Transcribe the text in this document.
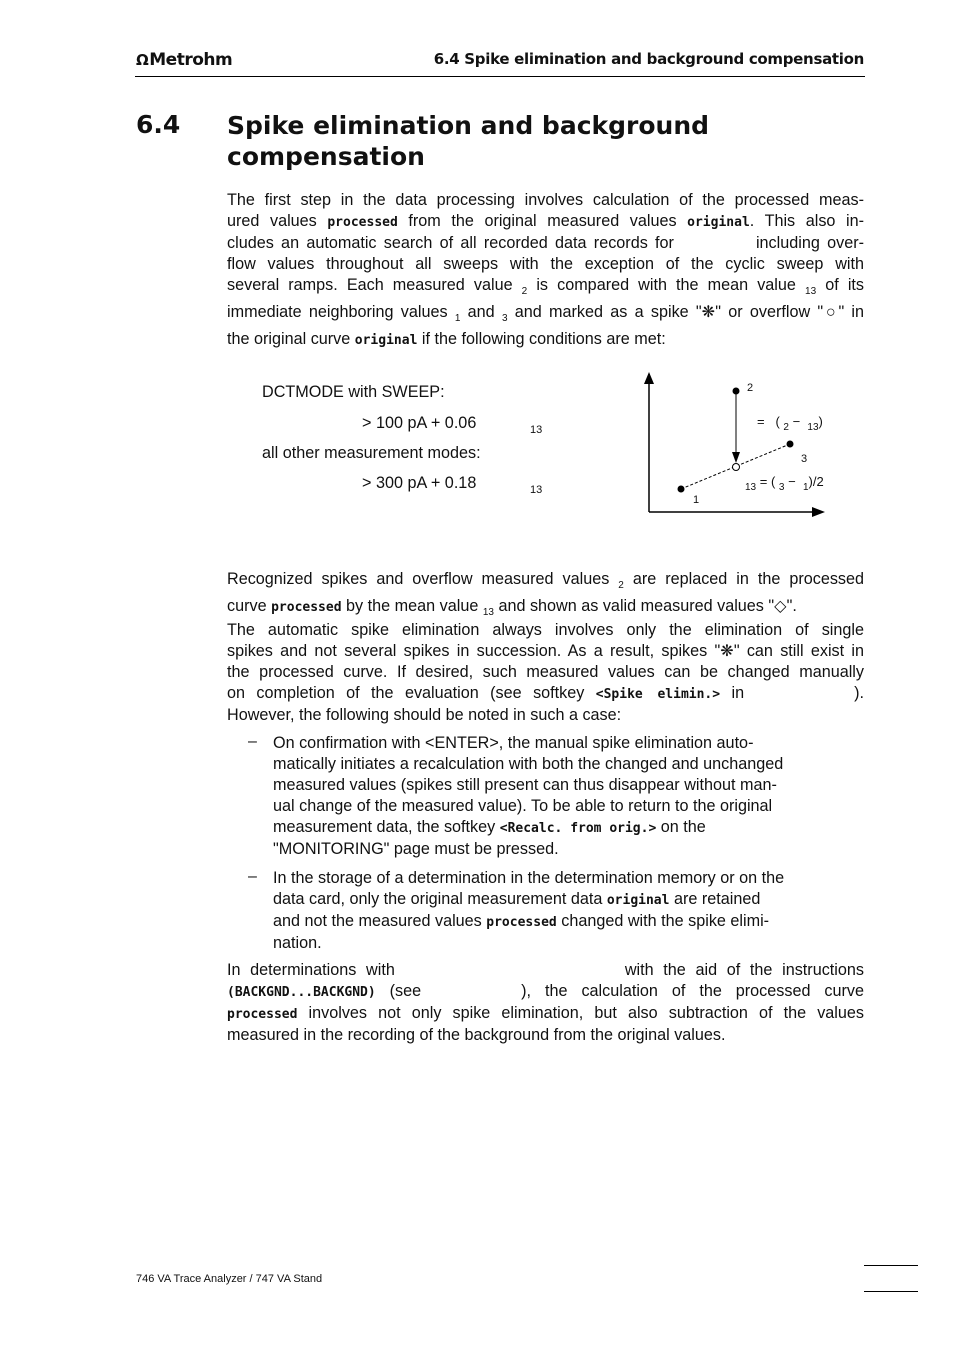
ΩMetrohm	6.4 Spike elimination and background compensation
6.4 Spike elimination and background
compensation
The first step in the data processing involves calculation of the processed meas-
ured values processed from the original measured values original. This also in-
cludes an automatic search of all recorded data records for	including over-
flow values throughout all sweeps with the exception of the cyclic sweep with
several ramps. Each measured value $_2$ is compared with the mean value $_{13}$ of its
immediate neighboring values $_1$ and $_3$ and marked as a spike "❋" or overflow "○" in
the original curve original if the following conditions are met:
DCTMODE with SWEEP:
> 100 pA + 0.06	13
all other measurement modes:
> 300 pA + 0.18	13
2
3
1
= ( $_2$ − $_{13}$)
$_{13}$ = ( $_3$ − $_1$)/2
Recognized spikes and overflow measured values $_2$ are replaced in the processed
curve processed by the mean value $_{13}$ and shown as valid measured values "◇".
The automatic spike elimination always involves only the elimination of single
spikes and not several spikes in succession. As a result, spikes "❋" can still exist in
the processed curve. If desired, such measured values can be changed manually
on completion of the evaluation (see softkey <Spike elimin.> in	).
However, the following should be noted in such a case:
– On confirmation with <ENTER>, the manual spike elimination auto-
matically initiates a recalculation with both the changed and unchanged
measured values (spikes still present can thus disappear without man-
ual change of the measured value). To be able to return to the original
measurement data, the softkey <Recalc. from orig.> on the
"MONITORING" page must be pressed.
– In the storage of a determination in the determination memory or on the
data card, only the original measurement data original are retained
and not the measured values processed changed with the spike elimi-
nation.
In determinations with	with the aid of the instructions
(BACKGND...BACKGND) (see	), the calculation of the processed curve
processed involves not only spike elimination, but also subtraction of the values
measured in the recording of the background from the original values.
746 VA Trace Analyzer / 747 VA Stand
